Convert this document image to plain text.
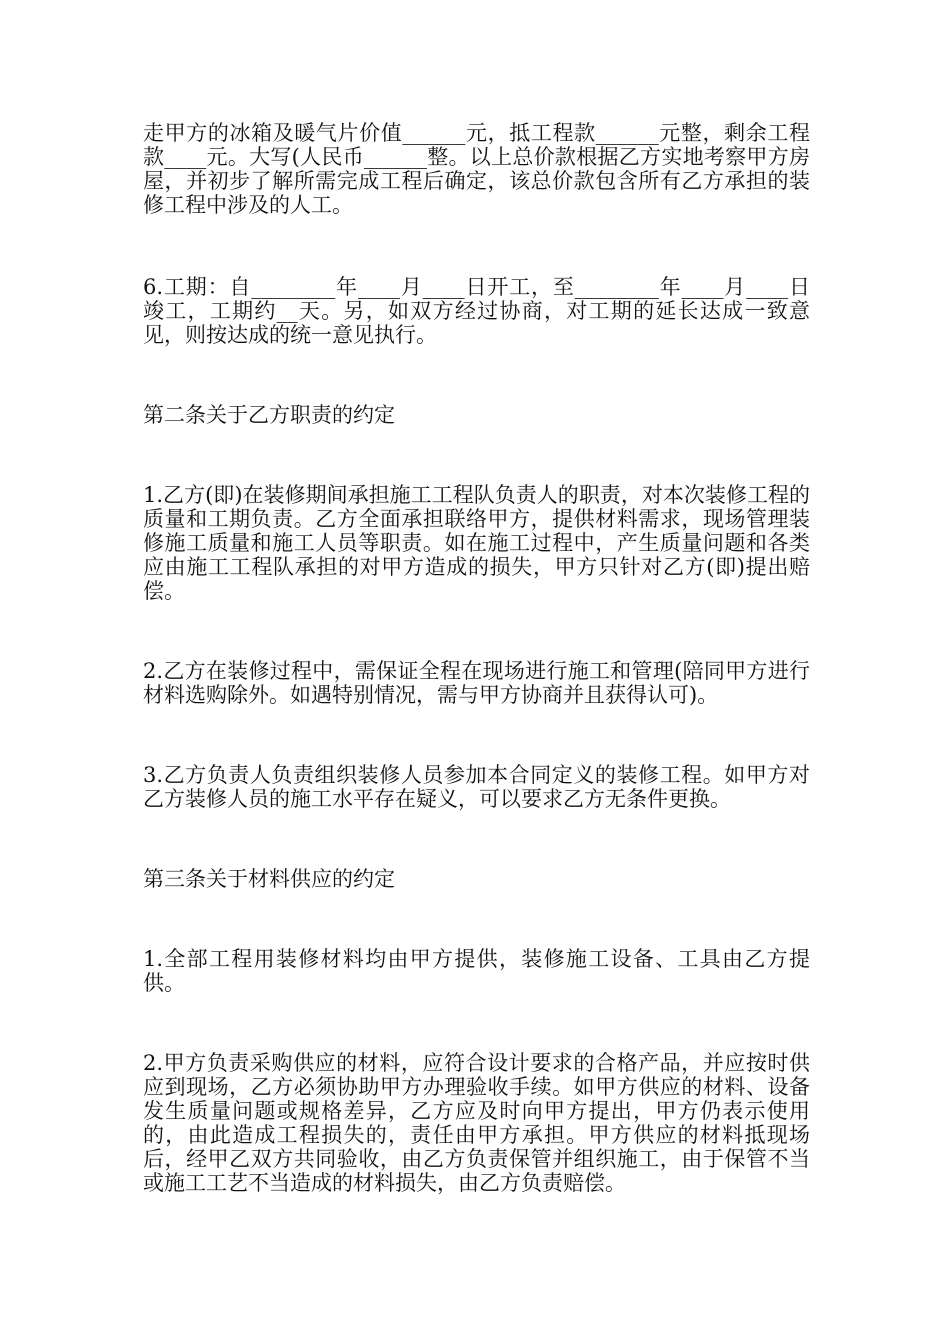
走甲方的冰箱及暖气片价值______元，抵工程款______元整，剩余工程款____元。大写(人民币______整。以上总价款根据乙方实地考察甲方房屋，并初步了解所需完成工程后确定，该总价款包含所有乙方承担的装修工程中涉及的人工。

6.工期：自________年____月____日开工，至________年____月____日竣工，工期约__天。另，如双方经过协商，对工期的延长达成一致意见，则按达成的统一意见执行。

第二条关于乙方职责的约定

1.乙方(即)在装修期间承担施工工程队负责人的职责，对本次装修工程的质量和工期负责。乙方全面承担联络甲方，提供材料需求，现场管理装修施工质量和施工人员等职责。如在施工过程中，产生质量问题和各类应由施工工程队承担的对甲方造成的损失，甲方只针对乙方(即)提出赔偿。

2.乙方在装修过程中，需保证全程在现场进行施工和管理(陪同甲方进行材料选购除外。如遇特别情况，需与甲方协商并且获得认可)。

3.乙方负责人负责组织装修人员参加本合同定义的装修工程。如甲方对乙方装修人员的施工水平存在疑义，可以要求乙方无条件更换。

第三条关于材料供应的约定

1.全部工程用装修材料均由甲方提供，装修施工设备、工具由乙方提供。

2.甲方负责采购供应的材料，应符合设计要求的合格产品，并应按时供应到现场，乙方必须协助甲方办理验收手续。如甲方供应的材料、设备发生质量问题或规格差异，乙方应及时向甲方提出，甲方仍表示使用的，由此造成工程损失的，责任由甲方承担。甲方供应的材料抵现场后，经甲乙双方共同验收，由乙方负责保管并组织施工，由于保管不当或施工工艺不当造成的材料损失，由乙方负责赔偿。
